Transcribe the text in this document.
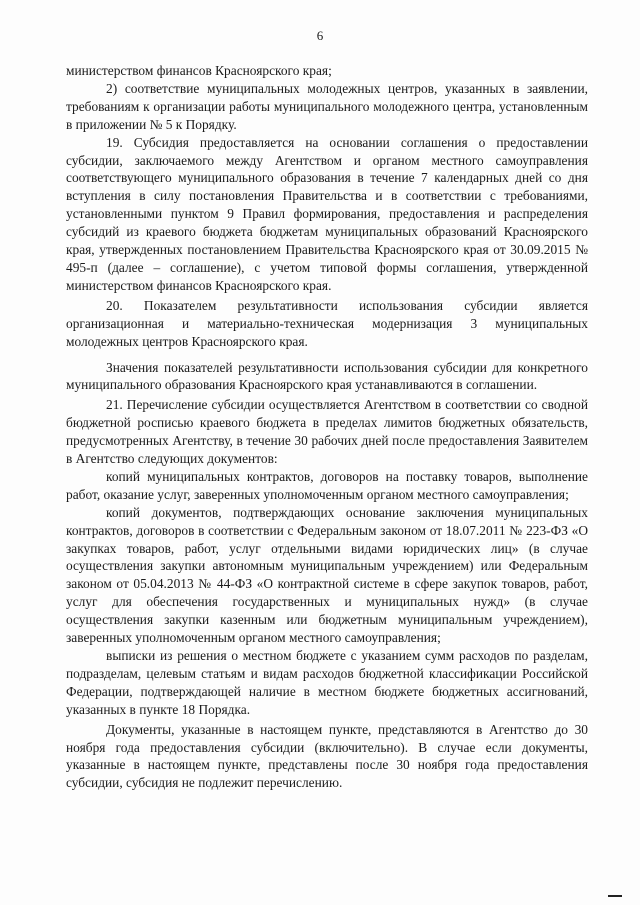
6

министерством финансов Красноярского края;

2) соответствие муниципальных молодежных центров, указанных в заявлении, требованиям к организации работы муниципального молодежного центра, установленным в приложении № 5 к Порядку.

19. Субсидия предоставляется на основании соглашения о предоставлении субсидии, заключаемого между Агентством и органом местного самоуправления соответствующего муниципального образования в течение 7 календарных дней со дня вступления в силу постановления Правительства и в соответствии с требованиями, установленными пунктом 9 Правил формирования, предоставления и распределения субсидий из краевого бюджета бюджетам муниципальных образований Красноярского края, утвержденных постановлением Правительства Красноярского края от 30.09.2015 № 495-п (далее – соглашение), с учетом типовой формы соглашения, утвержденной министерством финансов Красноярского края.

20. Показателем результативности использования субсидии является организационная и материально-техническая модернизация 3 муниципальных молодежных центров Красноярского края.

Значения показателей результативности использования субсидии для конкретного муниципального образования Красноярского края устанавливаются в соглашении.

21. Перечисление субсидии осуществляется Агентством в соответствии со сводной бюджетной росписью краевого бюджета в пределах лимитов бюджетных обязательств, предусмотренных Агентству, в течение 30 рабочих дней после предоставления Заявителем в Агентство следующих документов:

копий муниципальных контрактов, договоров на поставку товаров, выполнение работ, оказание услуг, заверенных уполномоченным органом местного самоуправления;

копий документов, подтверждающих основание заключения муниципальных контрактов, договоров в соответствии с Федеральным законом от 18.07.2011 № 223-ФЗ «О закупках товаров, работ, услуг отдельными видами юридических лиц» (в случае осуществления закупки автономным муниципальным учреждением) или Федеральным законом от 05.04.2013 № 44-ФЗ «О контрактной системе в сфере закупок товаров, работ, услуг для обеспечения государственных и муниципальных нужд» (в случае осуществления закупки казенным или бюджетным муниципальным учреждением), заверенных уполномоченным органом местного самоуправления;

выписки из решения о местном бюджете с указанием сумм расходов по разделам, подразделам, целевым статьям и видам расходов бюджетной классификации Российской Федерации, подтверждающей наличие в местном бюджете бюджетных ассигнований, указанных в пункте 18 Порядка.

Документы, указанные в настоящем пункте, представляются в Агентство до 30 ноября года предоставления субсидии (включительно). В случае если документы, указанные в настоящем пункте, представлены после 30 ноября года предоставления субсидии, субсидия не подлежит перечислению.
